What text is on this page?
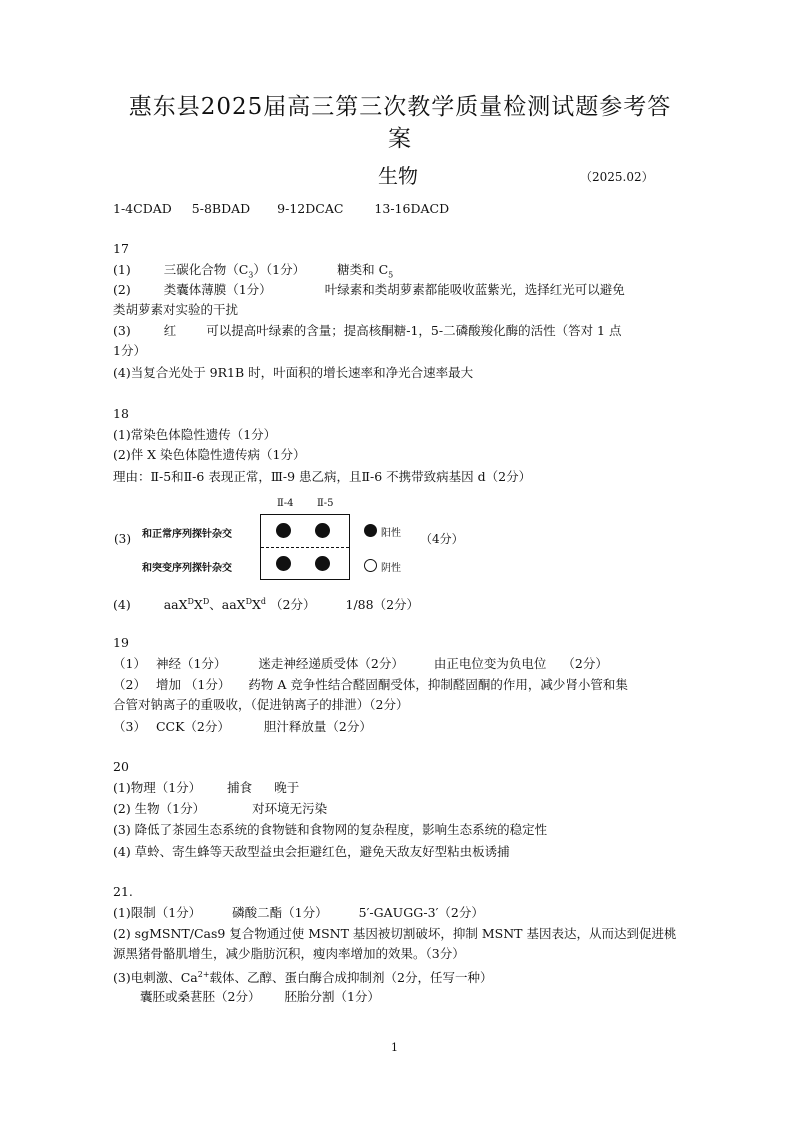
惠东县2025届高三第三次教学质量检测试题参考答
案
生物	（2025.02）
1-4CDAD 5-8BDAD 9-12DCAC 13-16DACD
17
(1)	三碳化合物$(C_3)(1$分）	糖类和 $C_5$
(2)	类囊体薄膜（1分）	叶绿素和类胡萝素都能吸收蓝紫光，选择红光可以避免
类胡萝素对实验的干扰
(3)	红 可以提高叶绿素的含量；提高核酮糖-1，5-二磷酸羧化酶的活性（答对 1 点
1分）
(4)当复合光处于 9R1B 时，叶面积的增长速率和净光合速率最大
18
(1)常染色体隐性遗传（1分）
(2)伴 X 染色体隐性遗传病（1分）
理由：Ⅱ-5和Ⅱ-6 表现正常，Ⅲ-9 患乙病，且Ⅱ-6 不携带致病基因 d（2分）
(3)
Ⅱ-4 Ⅱ-5
和正常序列探针杂交
和突变序列探针杂交
阳性
阴性
（4分）
(4)	$aaX^DX^D$、$aaX^DX^d$ （2分） 1/88（2分）
19
（1） 神经（1分）	迷走神经递质受体（2分） 由正电位变为负电位 （2分）
（2） 增加 （1分） 药物 A 竞争性结合醛固酮受体，抑制醛固酮的作用，减少肾小管和集
合管对钠离子的重吸收，（促进钠离子的排泄）（2分）
（3） CCK（2分）	胆汁释放量（2分）
20
(1)物理（1分） 捕食 晚于
(2) 生物（1分）	对环境无污染
(3) 降低了茶园生态系统的食物链和食物网的复杂程度，影响生态系统的稳定性
(4) 草蛉、寄生蜂等天敌型益虫会拒避红色，避免天敌友好型粘虫板诱捕
21.
(1)限制（1分） 磷酸二酯（1分） 5′-GAUGG-3′（2分）
(2) sgMSNT/Cas9 复合物通过使 MSNT 基因被切割破坏，抑制 MSNT 基因表达，从而达到促进桃
源黑猪骨骼肌增生，减少脂肪沉积，瘦肉率增加的效果。（3分）
(3)电刺激、$Ca^{2+}$载体、乙醇、蛋白酶合成抑制剂（2分，任写一种）
囊胚或桑葚胚（2分） 胚胎分割（1分）
1
